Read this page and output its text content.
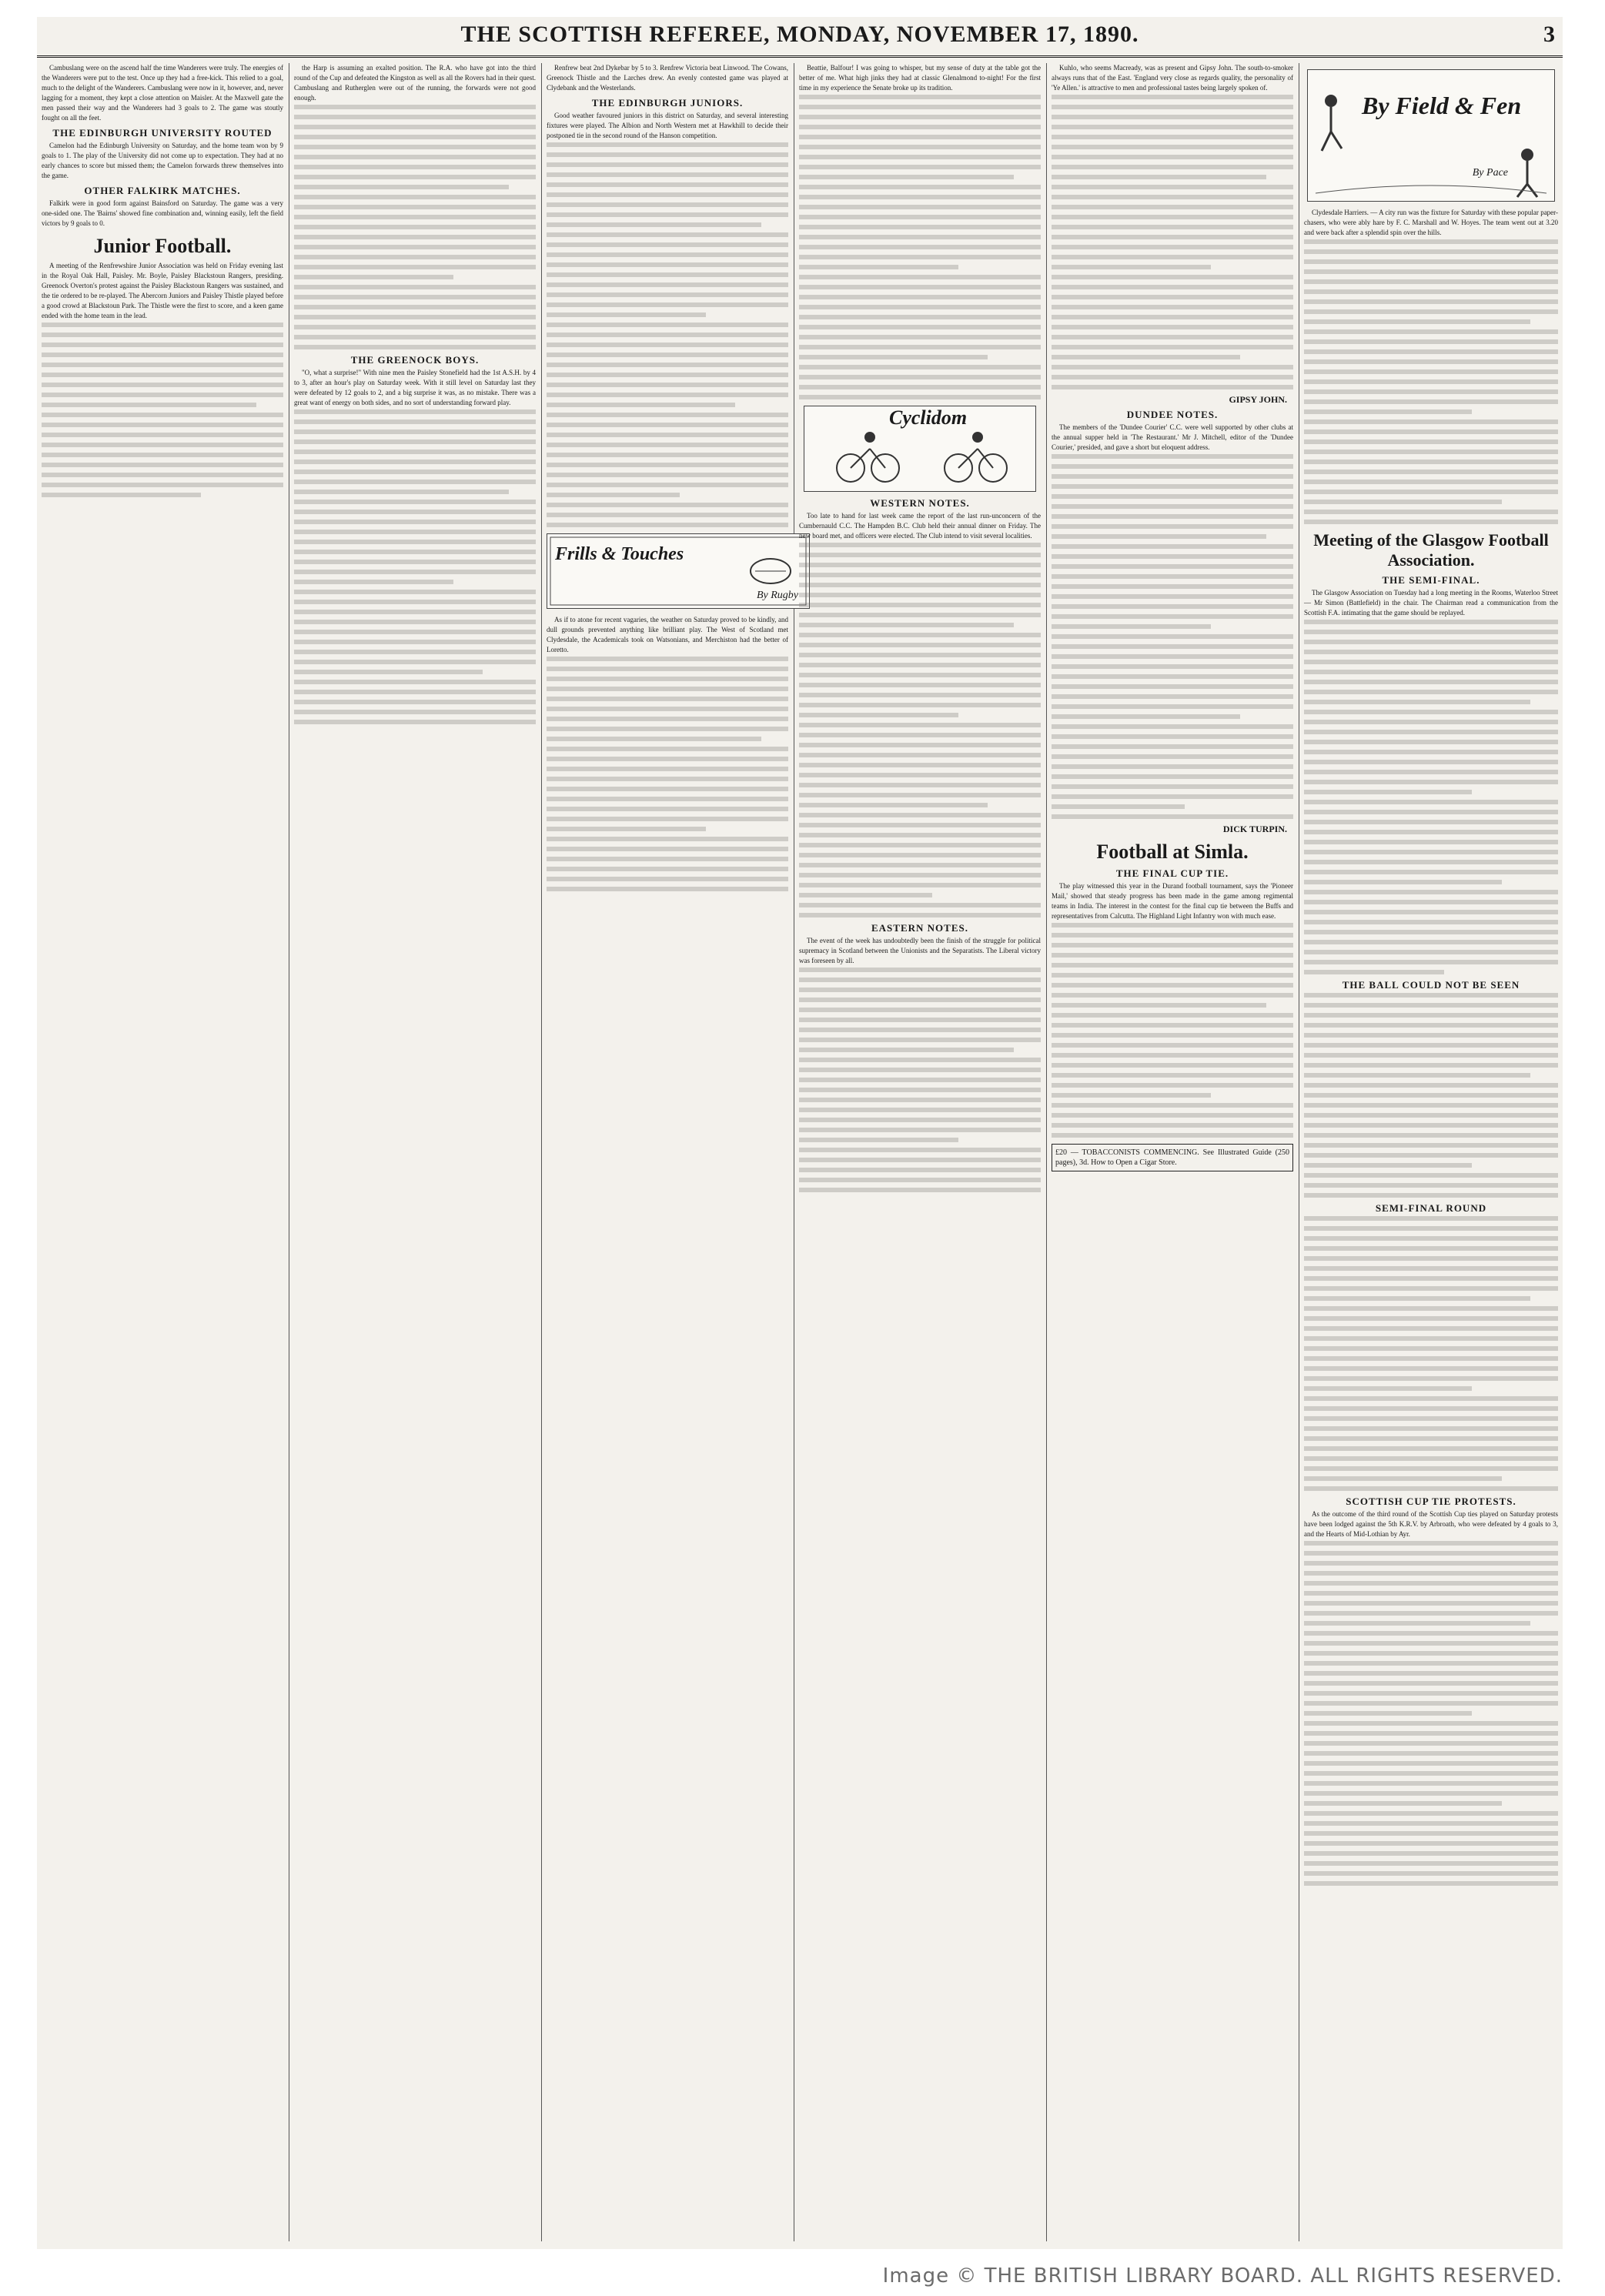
THE SCOTTISH REFEREE, MONDAY, NOVEMBER 17, 1890.	3

Cambuslang were on the ascend half the time Wanderers were truly. The energies of the Wanderers were put to the test. Once up they had a free-kick. This relied to a goal, much to the delight of the Wanderers. Cambuslang were now in it, however, and, never lagging for a moment, they kept a close attention on Maisler. At the Maxwell gate the men passed their way and the Wanderers had 3 goals to 2. The game was stoutly fought on all the feet.

THE EDINBURGH UNIVERSITY ROUTED

Camelon had the Edinburgh University on Saturday, and the home team won by 9 goals to 1. The play of the University did not come up to expectation. They had at no early chances to score but missed them; the Camelon forwards threw themselves into the game.

OTHER FALKIRK MATCHES.

Falkirk were in good form against Bainsford on Saturday. The game was a very one-sided one. The 'Bairns' showed fine combination and, winning easily, left the field victors by 9 goals to 0.

Junior Football.

A meeting of the Renfrewshire Junior Association was held on Friday evening last in the Royal Oak Hall, Paisley. Mr. Boyle, Paisley Blackstoun Rangers, presiding. Greenock Overton's protest against the Paisley Blackstoun Rangers was sustained, and the tie ordered to be re-played. The Abercorn Juniors and Paisley Thistle played before a good crowd at Blackstoun Park. The Thistle were the first to score, and a keen game ended with the home team in the lead.

the Harp is assuming an exalted position. The R.A. who have got into the third round of the Cup and defeated the Kingston as well as all the Rovers had in their quest. Cambuslang and Rutherglen were out of the running, the forwards were not good enough.

THE GREENOCK BOYS.

"O, what a surprise!" With nine men the Paisley Stonefield had the 1st A.S.H. by 4 to 3, after an hour's play on Saturday week. With it still level on Saturday last they were defeated by 12 goals to 2, and a big surprise it was, as no mistake. There was a great want of energy on both sides, and no sort of understanding forward play.

Renfrew beat 2nd Dykebar by 5 to 3. Renfrew Victoria beat Linwood. The Cowans, Greenock Thistle and the Larches drew. An evenly contested game was played at Clydebank and the Westerlands.

THE EDINBURGH JUNIORS.

Good weather favoured juniors in this district on Saturday, and several interesting fixtures were played. The Albion and North Western met at Hawkhill to decide their postponed tie in the second round of the Hanson competition.

Frills & Touches
By Rugby

As if to atone for recent vagaries, the weather on Saturday proved to be kindly, and dull grounds prevented anything like brilliant play. The West of Scotland met Clydesdale, the Academicals took on Watsonians, and Merchiston had the better of Loretto.

Beattie, Balfour! I was going to whisper, but my sense of duty at the table got the better of me. What high jinks they had at classic Glenalmond to-night! For the first time in my experience the Senate broke up its tradition.

Cyclidom
WESTERN NOTES.

Too late to hand for last week came the report of the last run-unconcern of the Cumbernauld C.C. The Hampden B.C. Club held their annual dinner on Friday. The new board met, and officers were elected. The Club intend to visit several localities.

EASTERN NOTES.

The event of the week has undoubtedly been the finish of the struggle for political supremacy in Scotland between the Unionists and the Separatists. The Liberal victory was foreseen by all.

Kuhlo, who seems Macready, was as present and Gipsy John. The south-to-smoker always runs that of the East. 'England very close as regards quality, the personality of 'Ye Allen.' is attractive to men and professional tastes being largely spoken of.

GIPSY JOHN.
DUNDEE NOTES.

The members of the 'Dundee Courier' C.C. were well supported by other clubs at the annual supper held in 'The Restaurant.' Mr J. Mitchell, editor of the 'Dundee Courier,' presided, and gave a short but eloquent address.

DICK TURPIN.
Football at Simla.
THE FINAL CUP TIE.

The play witnessed this year in the Durand football tournament, says the 'Pioneer Mail,' showed that steady progress has been made in the game among regimental teams in India. The interest in the contest for the final cup tie between the Buffs and representatives from Calcutta. The Highland Light Infantry won with much ease.

£20 — TOBACCONISTS COMMENCING. See Illustrated Guide (250 pages), 3d. How to Open a Cigar Store.
By Field & Fen
By Pace

Clydesdale Harriers. — A city run was the fixture for Saturday with these popular paper-chasers, who were ably hare by F. C. Marshall and W. Hoyes. The team went out at 3.20 and were back after a splendid spin over the hills.

Meeting of the Glasgow Football Association.
THE SEMI-FINAL.

The Glasgow Association on Tuesday had a long meeting in the Rooms, Waterloo Street — Mr Simon (Battlefield) in the chair. The Chairman read a communication from the Scottish F.A. intimating that the game should be replayed.

THE BALL COULD NOT BE SEEN
SEMI-FINAL ROUND
SCOTTISH CUP TIE PROTESTS.

As the outcome of the third round of the Scottish Cup ties played on Saturday protests have been lodged against the 5th K.R.V. by Arbroath, who were defeated by 4 goals to 3, and the Hearts of Mid-Lothian by Ayr.

Image © THE BRITISH LIBRARY BOARD. ALL RIGHTS RESERVED.
